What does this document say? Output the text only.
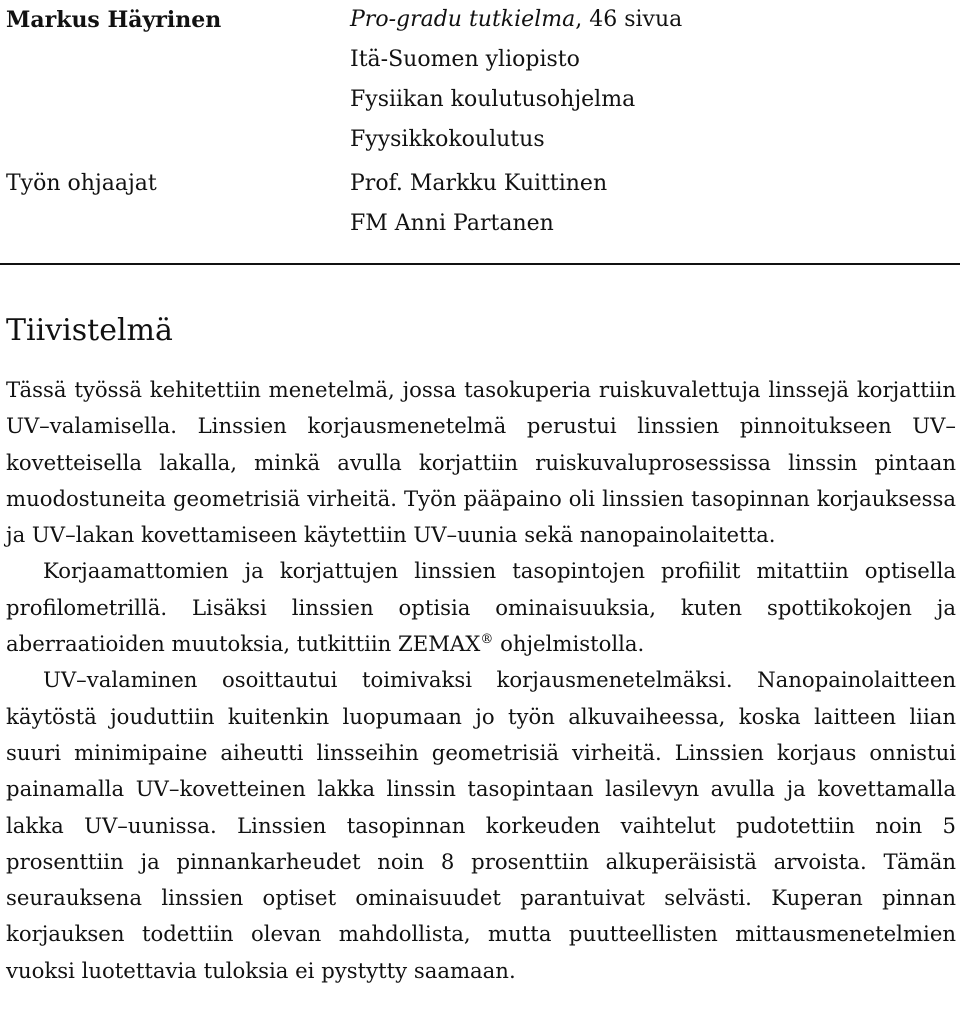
Markus Häyrinen	Pro-gradu tutkielma, 46 sivua
Itä-Suomen yliopisto
Fysiikan koulutusohjelma
Fyysikkokoulutus
Työn ohjaajat	Prof. Markku Kuittinen
FM Anni Partanen
Tiivistelmä

Tässä työssä kehitettiin menetelmä, jossa tasokuperia ruiskuvalettuja linssejä korjattiin UV–valamisella. Linssien korjausmenetelmä perustui linssien pinnoitukseen UV–kovetteisella lakalla, minkä avulla korjattiin ruiskuvaluprosessissa linssin pintaan muodostuneita geometrisiä virheitä. Työn pääpaino oli linssien tasopinnan korjauksessa ja UV–lakan kovettamiseen käytettiin UV–uunia sekä nanopainolaitetta.

Korjaamattomien ja korjattujen linssien tasopintojen profiilit mitattiin optisella profilometrillä. Lisäksi linssien optisia ominaisuuksia, kuten spottikokojen ja aberraatioiden muutoksia, tutkittiin ZEMAX® ohjelmistolla.

UV–valaminen osoittautui toimivaksi korjausmenetelmäksi. Nanopainolaitteen käytöstä jouduttiin kuitenkin luopumaan jo työn alkuvaiheessa, koska laitteen liian suuri minimipaine aiheutti linsseihin geometrisiä virheitä. Linssien korjaus onnistui painamalla UV–kovetteinen lakka linssin tasopintaan lasilevyn avulla ja kovettamalla lakka UV–uunissa. Linssien tasopinnan korkeuden vaihtelut pudotettiin noin 5 prosenttiin ja pinnankarheudet noin 8 prosenttiin alkuperäisistä arvoista. Tämän seurauksena linssien optiset ominaisuudet parantuivat selvästi. Kuperan pinnan korjauksen todettiin olevan mahdollista, mutta puutteellisten mittausmenetelmien vuoksi luotettavia tuloksia ei pystytty saamaan.
